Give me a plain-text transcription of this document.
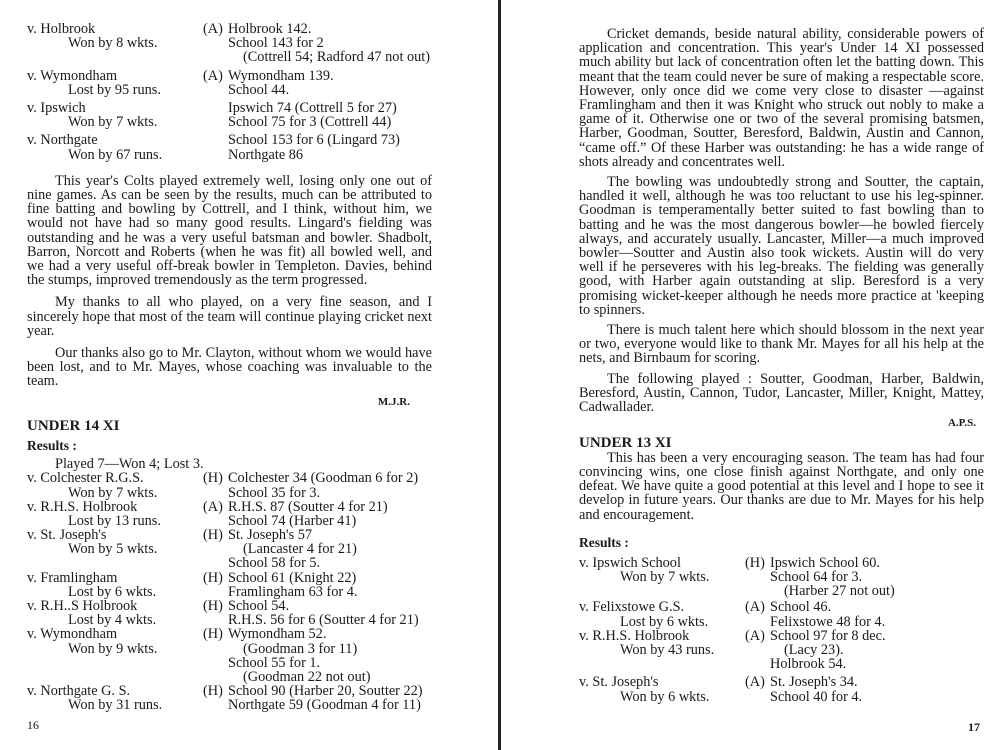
v. Holbrook	(A) Holbrook 142.
Won by 8 wkts.	School 143 for 2
(Cottrell 54; Radford 47 not out)
v. Wymondham	(A) Wymondham 139.
Lost by 95 runs.	School 44.
v. Ipswich	Ipswich 74 (Cottrell 5 for 27)
Won by 7 wkts.	School 75 for 3 (Cottrell 44)
v. Northgate	School 153 for 6 (Lingard 73)
Won by 67 runs.	Northgate 86

This year's Colts played extremely well, losing only one out of nine games. As can be seen by the results, much can be attributed to fine batting and bowling by Cottrell, and I think, without him, we would not have had so many good results. Lingard's fielding was outstanding and he was a very useful batsman and bowler. Shadbolt, Barron, Norcott and Roberts (when he was fit) all bowled well, and we had a very useful off-break bowler in Templeton. Davies, behind the stumps, improved tremendously as the term progressed.

My thanks to all who played, on a very fine season, and I sincerely hope that most of the team will continue playing cricket next year.

Our thanks also go to Mr. Clayton, without whom we would have been lost, and to Mr. Mayes, whose coaching was invaluable to the team.

M.J.R.
UNDER 14 XI
Results :
Played 7—Won 4; Lost 3.
v. Colchester R.G.S.	(H) Colchester 34 (Goodman 6 for 2)
Won by 7 wkts.	School 35 for 3.
v. R.H.S. Holbrook	(A) R.H.S. 87 (Soutter 4 for 21)
Lost by 13 runs.	School 74 (Harber 41)
v. St. Joseph's	(H) St. Joseph's 57
Won by 5 wkts.	(Lancaster 4 for 21)
School 58 for 5.
v. Framlingham	(H) School 61 (Knight 22)
Lost by 6 wkts.	Framlingham 63 for 4.
v. R.H..S Holbrook	(H) School 54.
Lost by 4 wkts.	R.H.S. 56 for 6 (Soutter 4 for 21)
v. Wymondham	(H) Wymondham 52.
Won by 9 wkts.	(Goodman 3 for 11)
School 55 for 1.
(Goodman 22 not out)
v. Northgate G. S.	(H) School 90 (Harber 20, Soutter 22)
Won by 31 runs.	Northgate 59 (Goodman 4 for 11)
16

Cricket demands, beside natural ability, considerable powers of application and concentration. This year's Under 14 XI possessed much ability but lack of concentration often let the batting down. This meant that the team could never be sure of making a respectable score. However, only once did we come very close to disaster —against Framlingham and then it was Knight who struck out nobly to make a game of it. Otherwise one or two of the several promising batsmen, Harber, Goodman, Soutter, Beresford, Baldwin, Austin and Cannon, “came off.” Of these Harber was outstanding: he has a wide range of shots already and concentrates well.

The bowling was undoubtedly strong and Soutter, the captain, handled it well, although he was too reluctant to use his leg-spinner. Goodman is temperamentally better suited to fast bowling than to batting and he was the most dangerous bowler—he bowled fiercely always, and accurately usually. Lancaster, Miller—a much improved bowler—Soutter and Austin also took wickets. Austin will do very well if he perseveres with his leg-breaks. The fielding was generally good, with Harber again outstanding at slip. Beresford is a very promising wicket-keeper although he needs more practice at 'keeping to spinners.

There is much talent here which should blossom in the next year or two, everyone would like to thank Mr. Mayes for all his help at the nets, and Birnbaum for scoring.

The following played : Soutter, Goodman, Harber, Baldwin, Beresford, Austin, Cannon, Tudor, Lancaster, Miller, Knight, Mattey, Cadwallader.

A.P.S.
UNDER 13 XI

This has been a very encouraging season. The team has had four convincing wins, one close finish against Northgate, and only one defeat. We have quite a good potential at this level and I hope to see it develop in future years. Our thanks are due to Mr. Mayes for his help and encouragement.

Results :
v. Ipswich School	(H) Ipswich School 60.
Won by 7 wkts.	School 64 for 3.
(Harber 27 not out)
v. Felixstowe G.S.	(A) School 46.
Lost by 6 wkts.	Felixstowe 48 for 4.
v. R.H.S. Holbrook	(A) School 97 for 8 dec.
Won by 43 runs.	(Lacy 23).
Holbrook 54.
v. St. Joseph's	(A) St. Joseph's 34.
Won by 6 wkts.	School 40 for 4.
17
